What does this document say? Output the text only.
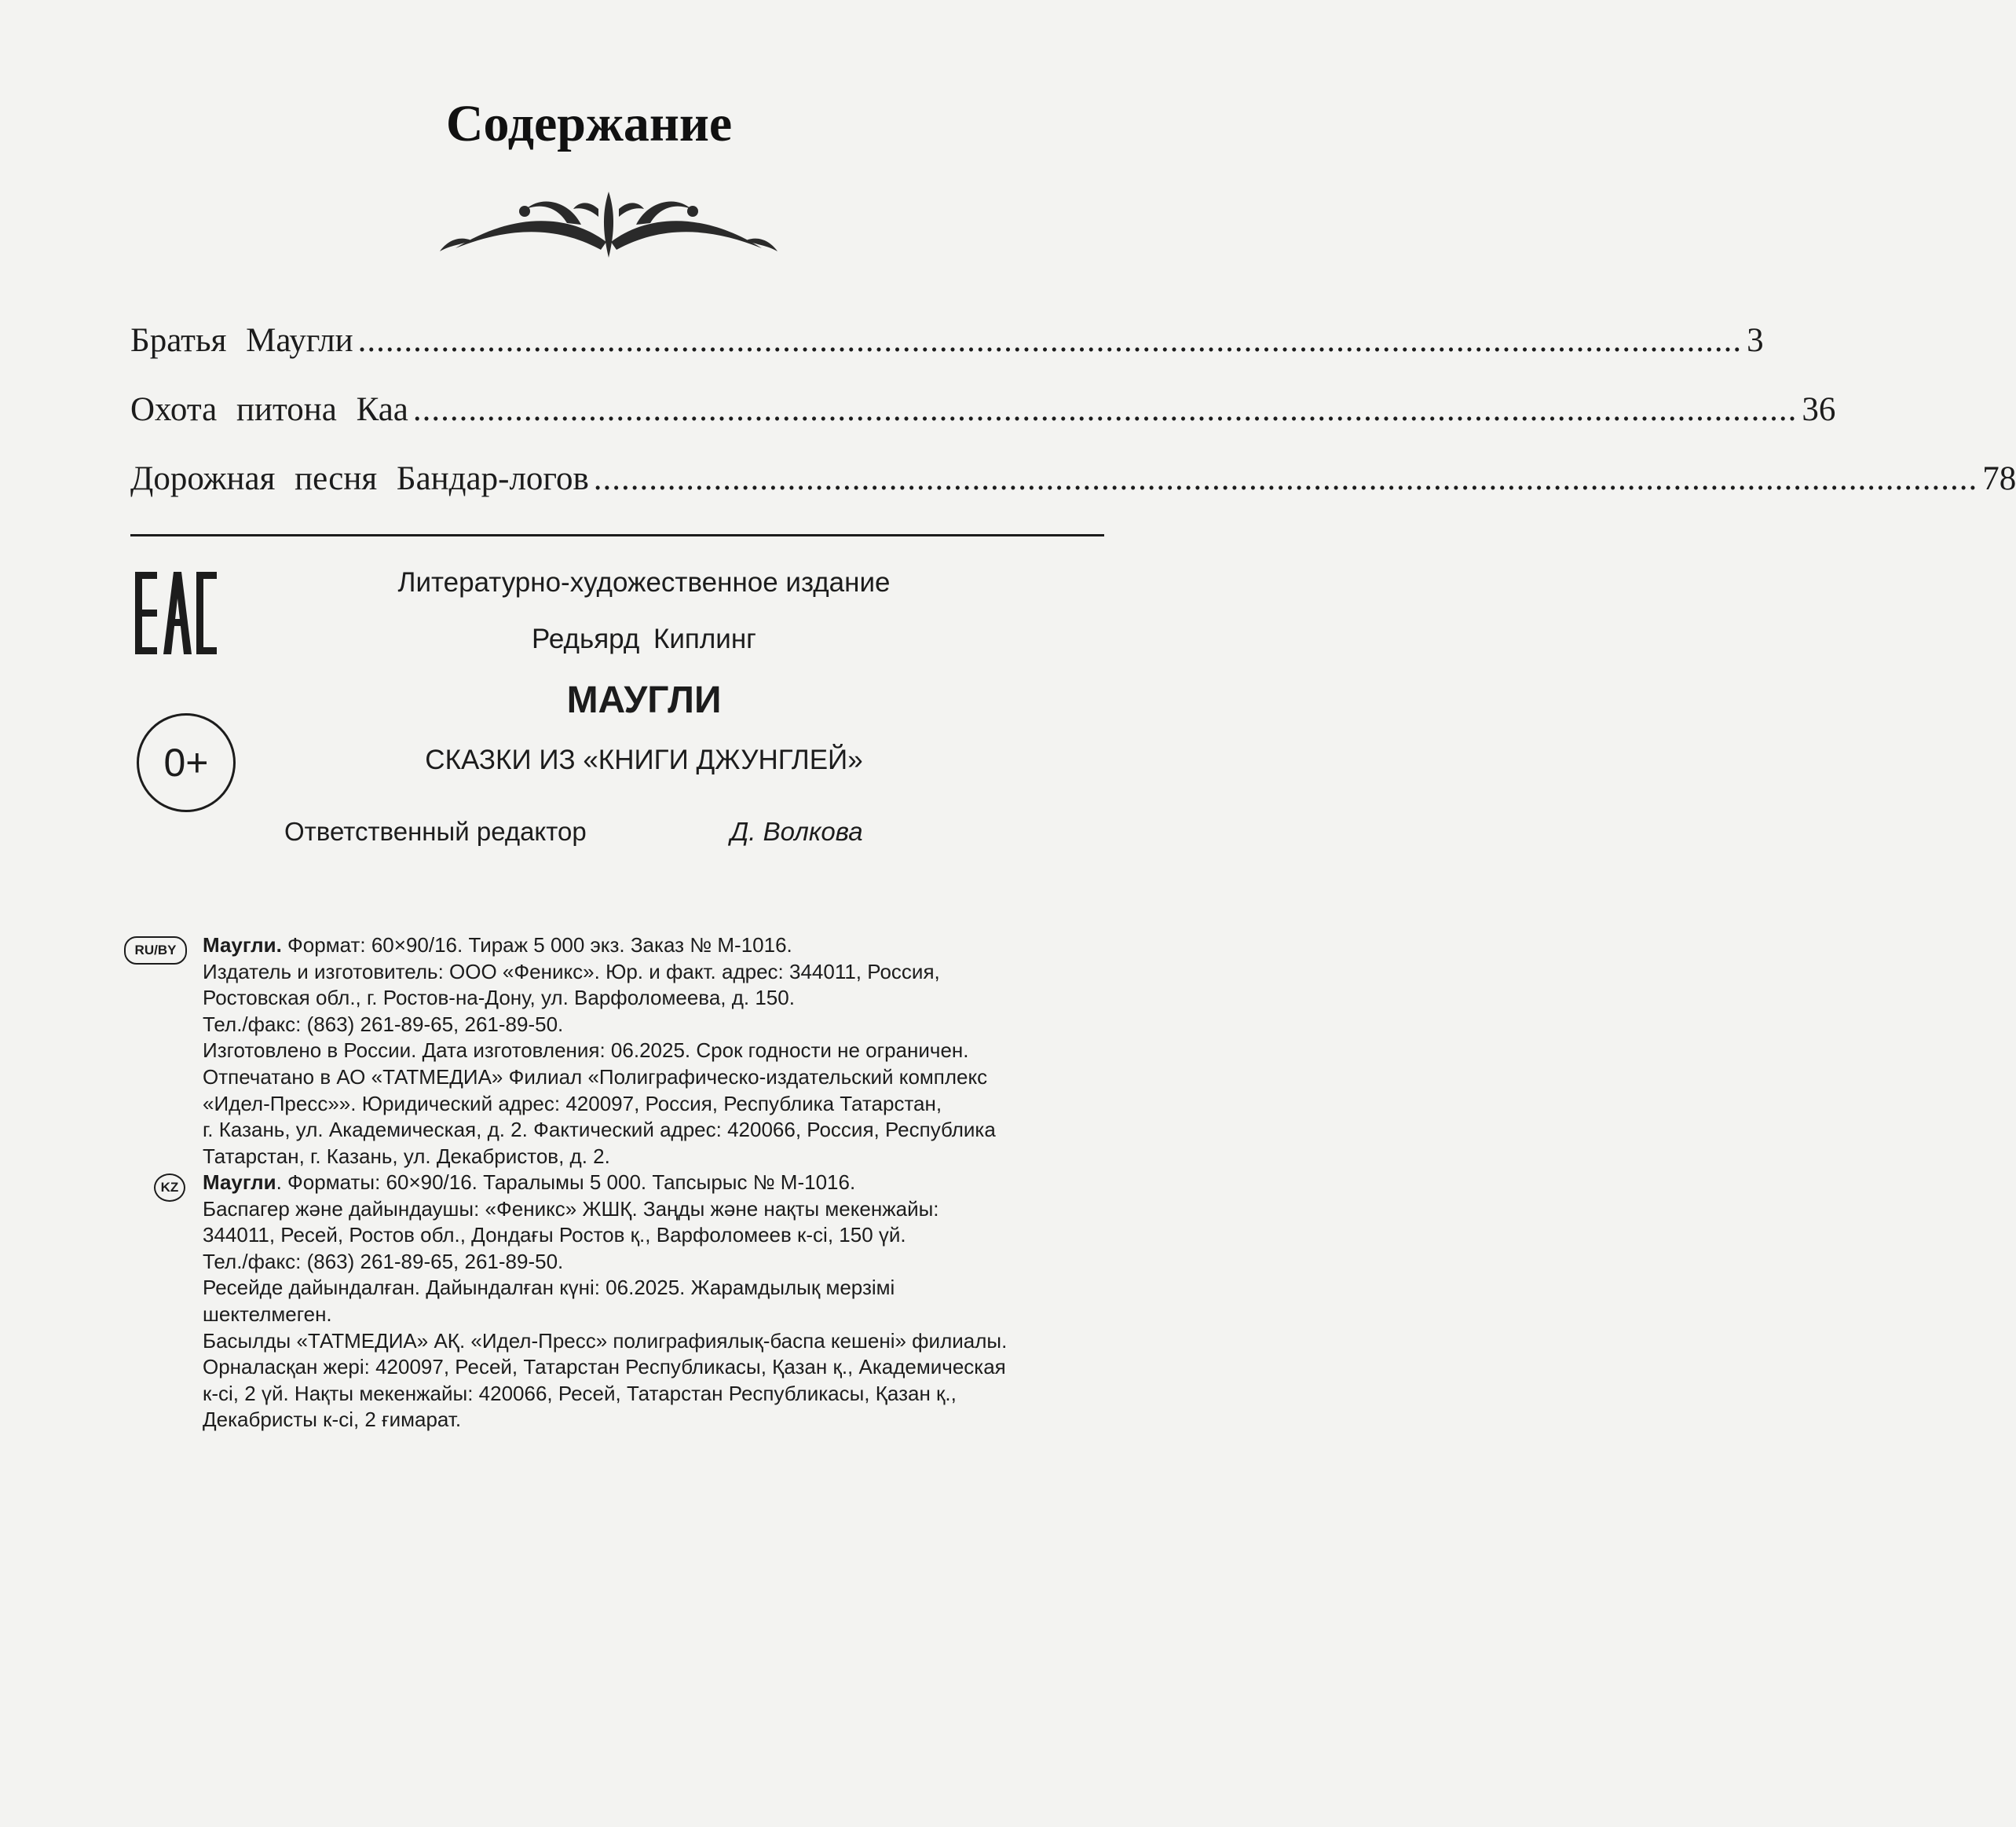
Содержание
Братья Маугли ...................................................................................................................................................... 3
Охота питона Каа ...................................................................................................................................................... 36
Дорожная песня Бандар-логов ...................................................................................................................................................... 78
0+
Литературно-художественное издание
Редьярд Киплинг
МАУГЛИ
СКАЗКИ ИЗ «КНИГИ ДЖУНГЛЕЙ»
Ответственный редактор	Д. Волкова
RU/BY	Маугли. Формат: 60×90/16. Тираж 5 000 экз. Заказ № М-1016.
Издатель и изготовитель: ООО «Феникс». Юр. и факт. адрес: 344011, Россия,
Ростовская обл., г. Ростов-на-Дону, ул. Варфоломеева, д. 150.
Тел./факс: (863) 261-89-65, 261-89-50.
Изготовлено в России. Дата изготовления: 06.2025. Срок годности не ограничен.
Отпечатано в АО «ТАТМЕДИА» Филиал «Полиграфическо-издательский комплекс
«Идел-Пресс»». Юридический адрес: 420097, Россия, Республика Татарстан,
г. Казань, ул. Академическая, д. 2. Фактический адрес: 420066, Россия, Республика
Татарстан, г. Казань, ул. Декабристов, д. 2.
KZ	Маугли. Форматы: 60×90/16. Таралымы 5 000. Тапсырыс № М-1016.
Баспагер және дайындаушы: «Феникс» ЖШҚ. Заңды және нақты мекенжайы:
344011, Ресей, Ростов обл., Дондағы Ростов қ., Варфоломеев к-сі, 150 үй.
Тел./факс: (863) 261-89-65, 261-89-50.
Ресейде дайындалған. Дайындалған күні: 06.2025. Жарамдылық мерзімі
шектелмеген.
Басылды «ТАТМЕДИА» АҚ. «Идел-Пресс» полиграфиялық-баспа кешені» филиалы.
Орналасқан жері: 420097, Ресей, Татарстан Республикасы, Қазан қ., Академическая
к-сі, 2 үй. Нақты мекенжайы: 420066, Ресей, Татарстан Республикасы, Қазан қ.,
Декабристы к-сі, 2 ғимарат.
